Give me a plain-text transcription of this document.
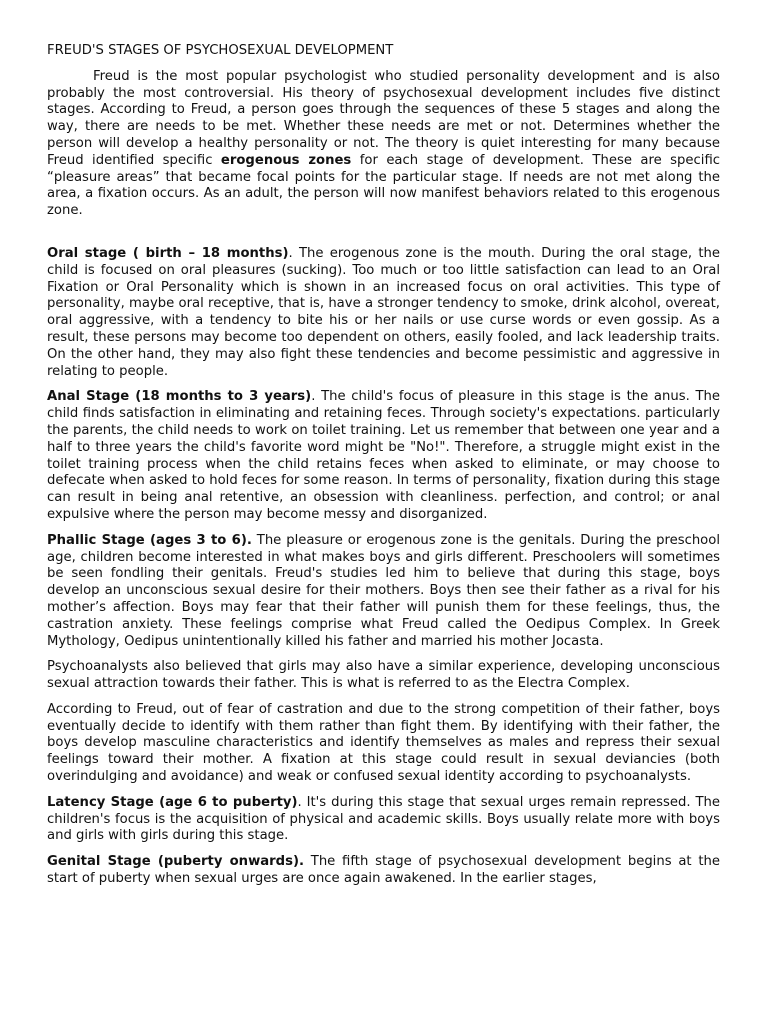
FREUD'S STAGES OF PSYCHOSEXUAL DEVELOPMENT

Freud is the most popular psychologist who studied personality development and is also probably the most controversial. His theory of psychosexual development includes five distinct stages. According to Freud, a person goes through the sequences of these 5 stages and along the way, there are needs to be met. Whether these needs are met or not. Determines whether the person will develop a healthy personality or not. The theory is quiet interesting for many because Freud identified specific erogenous zones for each stage of development. These are specific “pleasure areas” that became focal points for the particular stage. If needs are not met along the area, a fixation occurs. As an adult, the person will now manifest behaviors related to this erogenous zone.

Oral stage ( birth – 18 months). The erogenous zone is the mouth. During the oral stage, the child is focused on oral pleasures (sucking). Too much or too little satisfaction can lead to an Oral Fixation or Oral Personality which is shown in an increased focus on oral activities. This type of personality, maybe oral receptive, that is, have a stronger tendency to smoke, drink alcohol, overeat, oral aggressive, with a tendency to bite his or her nails or use curse words or even gossip. As a result, these persons may become too dependent on others, easily fooled, and lack leadership traits. On the other hand, they may also fight these tendencies and become pessimistic and aggressive in relating to people.

Anal Stage (18 months to 3 years). The child's focus of pleasure in this stage is the anus. The child finds satisfaction in eliminating and retaining feces. Through society's expectations. particularly the parents, the child needs to work on toilet training. Let us remember that between one year and a half to three years the child's favorite word might be "No!". Therefore, a struggle might exist in the toilet training process when the child retains feces when asked to eliminate, or may choose to defecate when asked to hold feces for some reason. In terms of personality, fixation during this stage can result in being anal retentive, an obsession with cleanliness. perfection, and control; or anal expulsive where the person may become messy and disorganized.

Phallic Stage (ages 3 to 6). The pleasure or erogenous zone is the genitals. During the preschool age, children become interested in what makes boys and girls different. Preschoolers will sometimes be seen fondling their genitals. Freud's studies led him to believe that during this stage, boys develop an unconscious sexual desire for their mothers. Boys then see their father as a rival for his mother’s affection. Boys may fear that their father will punish them for these feelings, thus, the castration anxiety. These feelings comprise what Freud called the Oedipus Complex. In Greek Mythology, Oedipus unintentionally killed his father and married his mother Jocasta.

Psychoanalysts also believed that girls may also have a similar experience, developing unconscious sexual attraction towards their father. This is what is referred to as the Electra Complex.

According to Freud, out of fear of castration and due to the strong competition of their father, boys eventually decide to identify with them rather than fight them. By identifying with their father, the boys develop masculine characteristics and identify themselves as males and repress their sexual feelings toward their mother. A fixation at this stage could result in sexual deviancies (both overindulging and avoidance) and weak or confused sexual identity according to psychoanalysts.

Latency Stage (age 6 to puberty). It's during this stage that sexual urges remain repressed. The children's focus is the acquisition of physical and academic skills. Boys usually relate more with boys and girls with girls during this stage.

Genital Stage (puberty onwards). The fifth stage of psychosexual development begins at the start of puberty when sexual urges are once again awakened. In the earlier stages,
